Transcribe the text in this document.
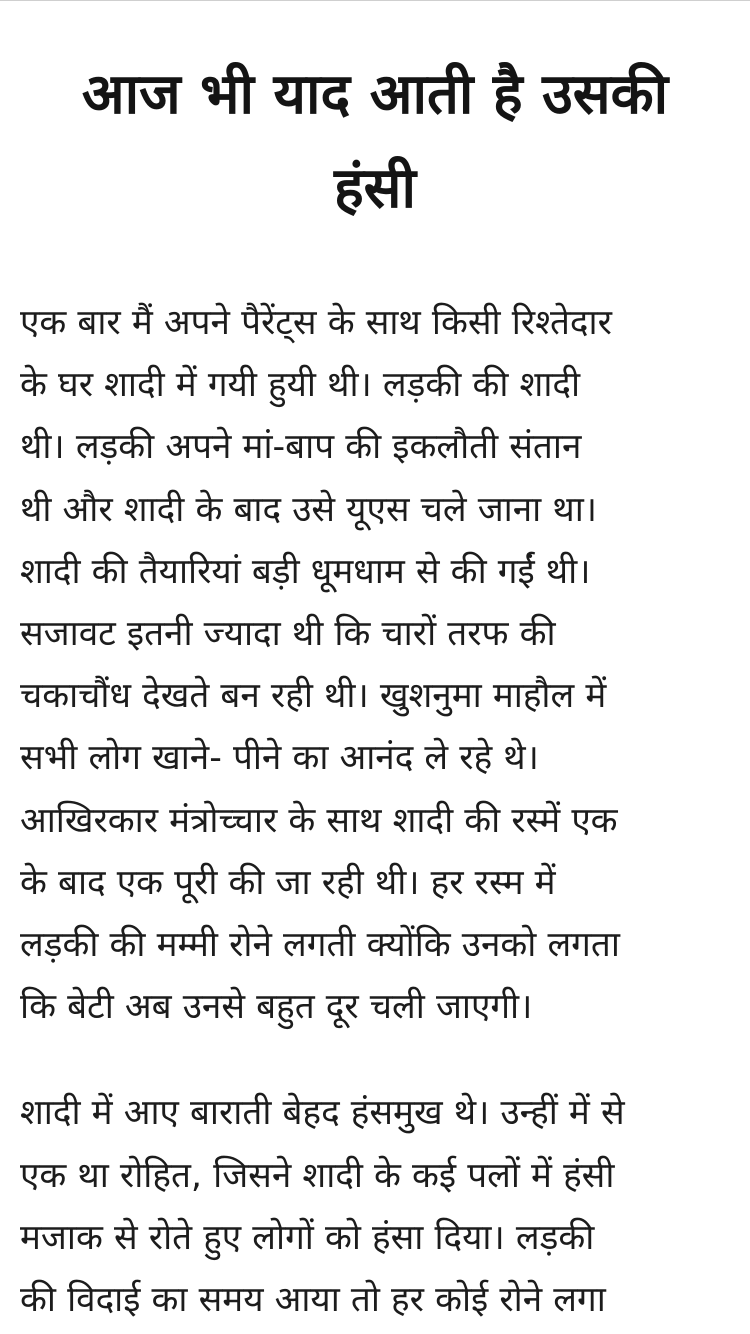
आज भी याद आती है उसकी हंसी

एक बार मैं अपने पैरेंट्स के साथ किसी रिश्तेदार
के घर शादी में गयी हुयी थी। लड़की की शादी
थी। लड़की अपने मां-बाप की इकलौती संतान
थी और शादी के बाद उसे यूएस चले जाना था।
शादी की तैयारियां बड़ी धूमधाम से की गईं थी।
सजावट इतनी ज्यादा थी कि चारों तरफ की
चकाचौंध देखते बन रही थी। खुशनुमा माहौल में
सभी लोग खाने- पीने का आनंद ले रहे थे।
आखिरकार मंत्रोच्चार के साथ शादी की रस्में एक
के बाद एक पूरी की जा रही थी। हर रस्म में
लड़की की मम्मी रोने लगती क्योंकि उनको लगता
कि बेटी अब उनसे बहुत दूर चली जाएगी।

शादी में आए बाराती बेहद हंसमुख थे। उन्हीं में से
एक था रोहित, जिसने शादी के कई पलों में हंसी
मजाक से रोते हुए लोगों को हंसा दिया। लड़की
की विदाई का समय आया तो हर कोई रोने लगा
